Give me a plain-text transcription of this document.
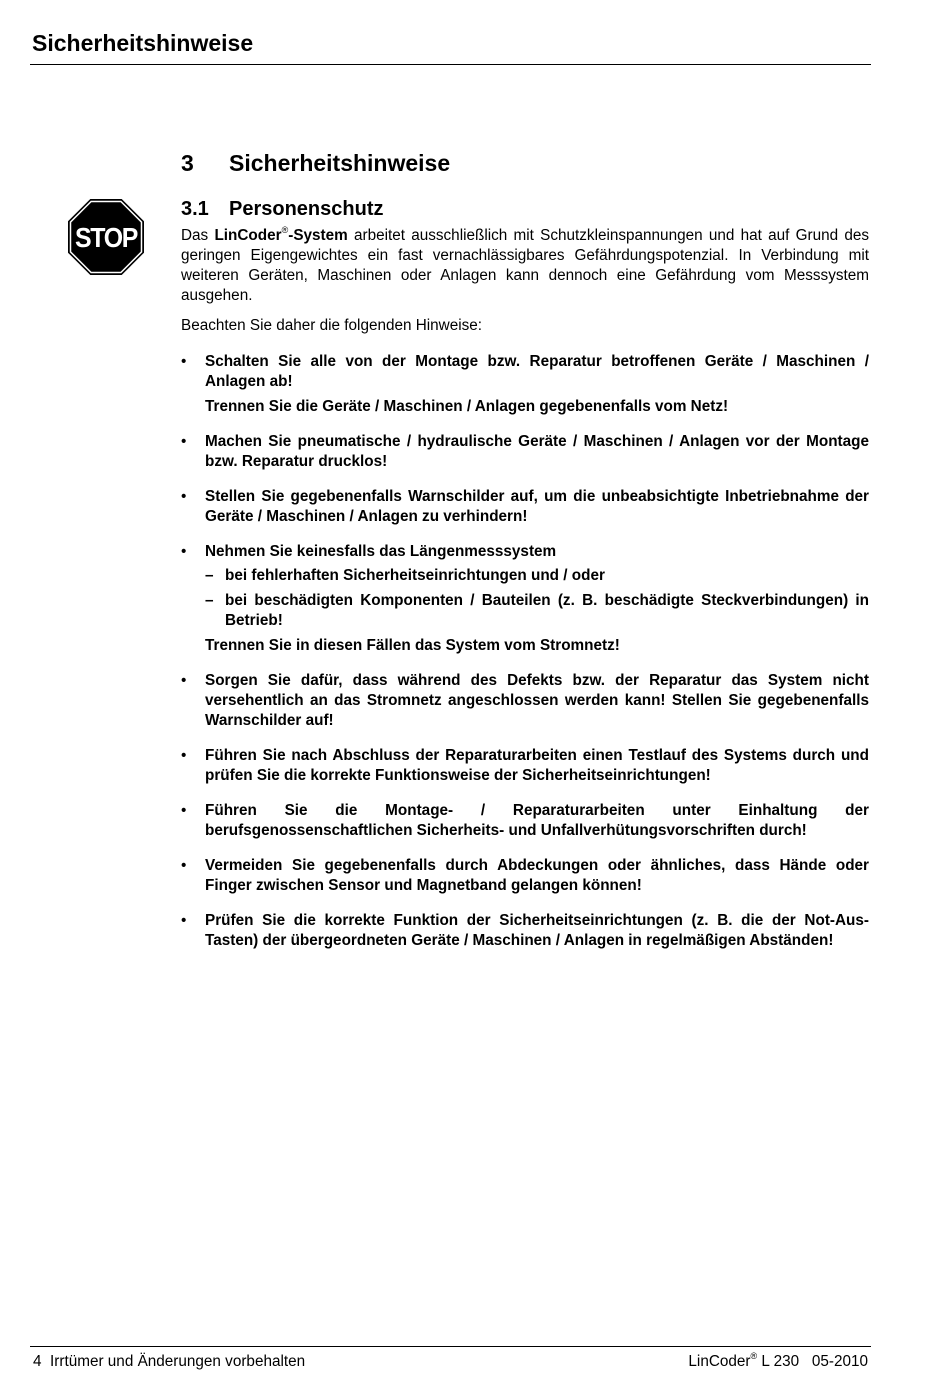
Sicherheitshinweise
STOP
3 Sicherheitshinweise
3.1 Personenschutz

Das LinCoder®-System arbeitet ausschließlich mit Schutzkleinspannungen und hat auf Grund des geringen Eigengewichtes ein fast vernachlässigbares Gefährdungspotenzial. In Verbindung mit weiteren Geräten, Maschinen oder Anlagen kann dennoch eine Gefährdung vom Messsystem ausgehen.

Beachten Sie daher die folgenden Hinweise:

• Schalten Sie alle von der Montage bzw. Reparatur betroffenen Geräte / Maschinen / Anlagen ab!
Trennen Sie die Geräte / Maschinen / Anlagen gegebenenfalls vom Netz!
• Machen Sie pneumatische / hydraulische Geräte / Maschinen / Anlagen vor der Montage bzw. Reparatur drucklos!
• Stellen Sie gegebenenfalls Warnschilder auf, um die unbeabsichtigte Inbetriebnahme der Geräte / Maschinen / Anlagen zu verhindern!
• Nehmen Sie keinesfalls das Längenmesssystem
– bei fehlerhaften Sicherheitseinrichtungen und / oder
– bei beschädigten Komponenten / Bauteilen (z. B. beschädigte Steckverbindungen) in Betrieb!
Trennen Sie in diesen Fällen das System vom Stromnetz!
• Sorgen Sie dafür, dass während des Defekts bzw. der Reparatur das System nicht versehentlich an das Stromnetz angeschlossen werden kann! Stellen Sie gegebenenfalls Warnschilder auf!
• Führen Sie nach Abschluss der Reparaturarbeiten einen Testlauf des Systems durch und prüfen Sie die korrekte Funktionsweise der Sicherheitseinrichtungen!
• Führen Sie die Montage- / Reparaturarbeiten unter Einhaltung der berufsgenossenschaftlichen Sicherheits- und Unfallverhütungsvorschriften durch!
• Vermeiden Sie gegebenenfalls durch Abdeckungen oder ähnliches, dass Hände oder Finger zwischen Sensor und Magnetband gelangen können!
• Prüfen Sie die korrekte Funktion der Sicherheitseinrichtungen (z. B. die der Not-Aus-Tasten) der übergeordneten Geräte / Maschinen / Anlagen in regelmäßigen Abständen!
4 Irrtümer und Änderungen vorbehalten	LinCoder® L 230 05-2010
